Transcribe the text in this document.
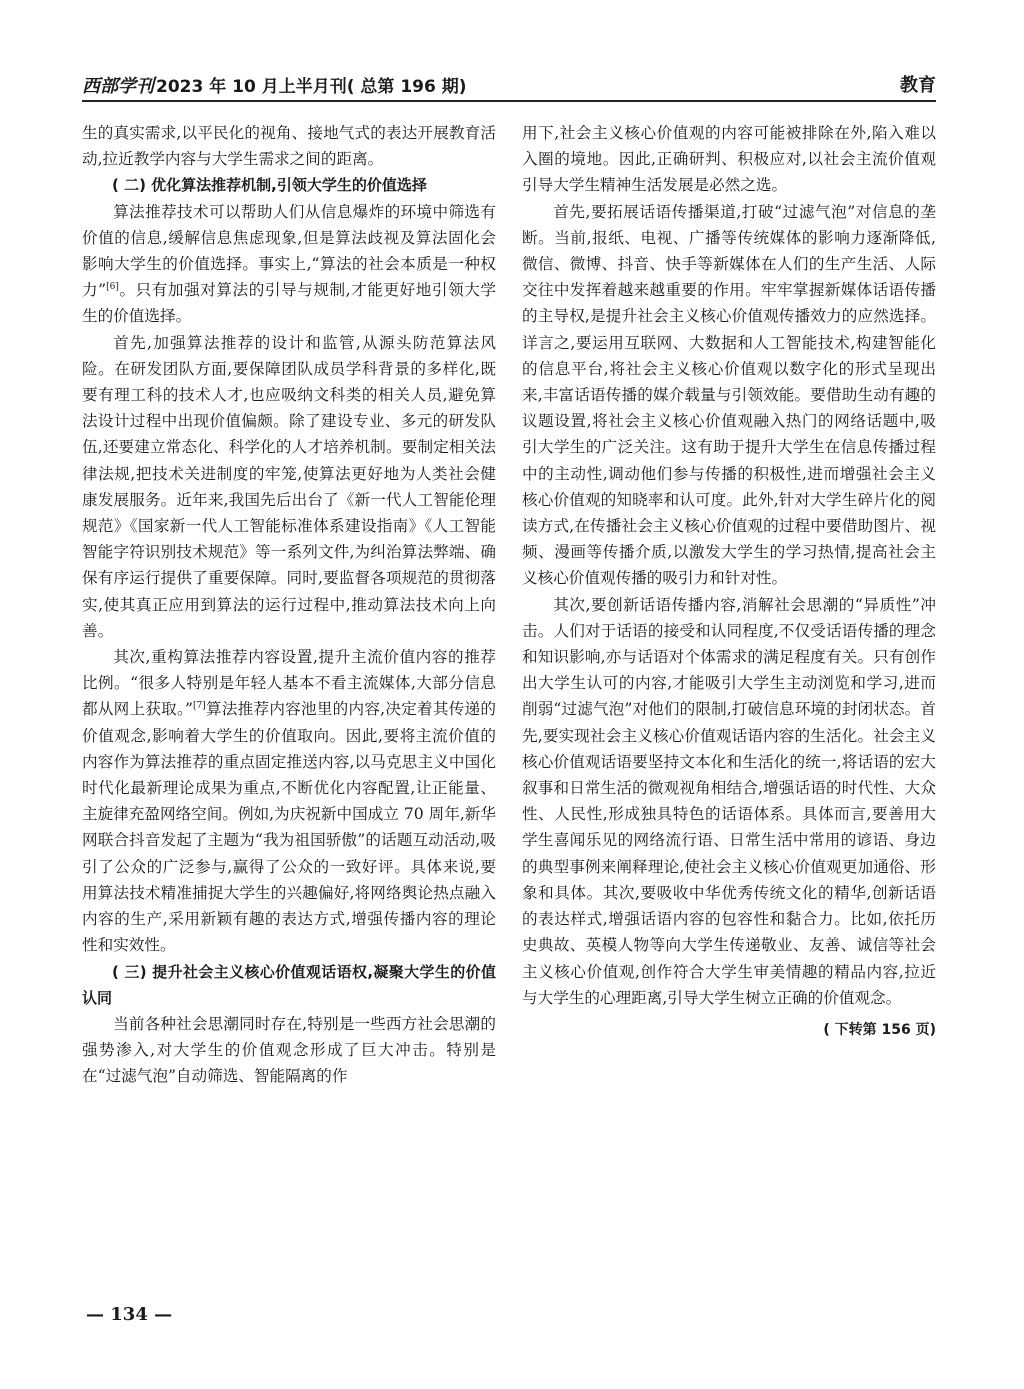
西部学刊 2023 年 10 月上半月刊( 总第 196 期)	教育

生的真实需求,以平民化的视角、接地气式的表达开展教育活动,拉近教学内容与大学生需求之间的距离。

( 二) 优化算法推荐机制,引领大学生的价值选择

算法推荐技术可以帮助人们从信息爆炸的环境中筛选有价值的信息,缓解信息焦虑现象,但是算法歧视及算法固化会影响大学生的价值选择。事实上,“算法的社会本质是一种权力”[6]。只有加强对算法的引导与规制,才能更好地引领大学生的价值选择。

首先,加强算法推荐的设计和监管,从源头防范算法风险。在研发团队方面,要保障团队成员学科背景的多样化,既要有理工科的技术人才,也应吸纳文科类的相关人员,避免算法设计过程中出现价值偏颇。除了建设专业、多元的研发队伍,还要建立常态化、科学化的人才培养机制。要制定相关法律法规,把技术关进制度的牢笼,使算法更好地为人类社会健康发展服务。近年来,我国先后出台了《新一代人工智能伦理规范》《国家新一代人工智能标准体系建设指南》《人工智能智能字符识别技术规范》等一系列文件,为纠治算法弊端、确保有序运行提供了重要保障。同时,要监督各项规范的贯彻落实,使其真正应用到算法的运行过程中,推动算法技术向上向善。

其次,重构算法推荐内容设置,提升主流价值内容的推荐比例。“很多人特别是年轻人基本不看主流媒体,大部分信息都从网上获取。”[7]算法推荐内容池里的内容,决定着其传递的价值观念,影响着大学生的价值取向。因此,要将主流价值的内容作为算法推荐的重点固定推送内容,以马克思主义中国化时代化最新理论成果为重点,不断优化内容配置,让正能量、主旋律充盈网络空间。例如,为庆祝新中国成立 70 周年,新华网联合抖音发起了主题为“我为祖国骄傲”的话题互动活动,吸引了公众的广泛参与,赢得了公众的一致好评。具体来说,要用算法技术精准捕捉大学生的兴趣偏好,将网络舆论热点融入内容的生产,采用新颖有趣的表达方式,增强传播内容的理论性和实效性。

( 三) 提升社会主义核心价值观话语权,凝聚大学生的价值认同

当前各种社会思潮同时存在,特别是一些西方社会思潮的强势渗入,对大学生的价值观念形成了巨大冲击。特别是在“过滤气泡”自动筛选、智能隔离的作

用下,社会主义核心价值观的内容可能被排除在外,陷入难以入圈的境地。因此,正确研判、积极应对,以社会主流价值观引导大学生精神生活发展是必然之选。

首先,要拓展话语传播渠道,打破“过滤气泡”对信息的垄断。当前,报纸、电视、广播等传统媒体的影响力逐渐降低,微信、微博、抖音、快手等新媒体在人们的生产生活、人际交往中发挥着越来越重要的作用。牢牢掌握新媒体话语传播的主导权,是提升社会主义核心价值观传播效力的应然选择。详言之,要运用互联网、大数据和人工智能技术,构建智能化的信息平台,将社会主义核心价值观以数字化的形式呈现出来,丰富话语传播的媒介载量与引领效能。要借助生动有趣的议题设置,将社会主义核心价值观融入热门的网络话题中,吸引大学生的广泛关注。这有助于提升大学生在信息传播过程中的主动性,调动他们参与传播的积极性,进而增强社会主义核心价值观的知晓率和认可度。此外,针对大学生碎片化的阅读方式,在传播社会主义核心价值观的过程中要借助图片、视频、漫画等传播介质,以激发大学生的学习热情,提高社会主义核心价值观传播的吸引力和针对性。

其次,要创新话语传播内容,消解社会思潮的“异质性”冲击。人们对于话语的接受和认同程度,不仅受话语传播的理念和知识影响,亦与话语对个体需求的满足程度有关。只有创作出大学生认可的内容,才能吸引大学生主动浏览和学习,进而削弱“过滤气泡”对他们的限制,打破信息环境的封闭状态。首先,要实现社会主义核心价值观话语内容的生活化。社会主义核心价值观话语要坚持文本化和生活化的统一,将话语的宏大叙事和日常生活的微观视角相结合,增强话语的时代性、大众性、人民性,形成独具特色的话语体系。具体而言,要善用大学生喜闻乐见的网络流行语、日常生活中常用的谚语、身边的典型事例来阐释理论,使社会主义核心价值观更加通俗、形象和具体。其次,要吸收中华优秀传统文化的精华,创新话语的表达样式,增强话语内容的包容性和黏合力。比如,依托历史典故、英模人物等向大学生传递敬业、友善、诚信等社会主义核心价值观,创作符合大学生审美情趣的精品内容,拉近与大学生的心理距离,引导大学生树立正确的价值观念。

( 下转第 156 页)
— 134 —
